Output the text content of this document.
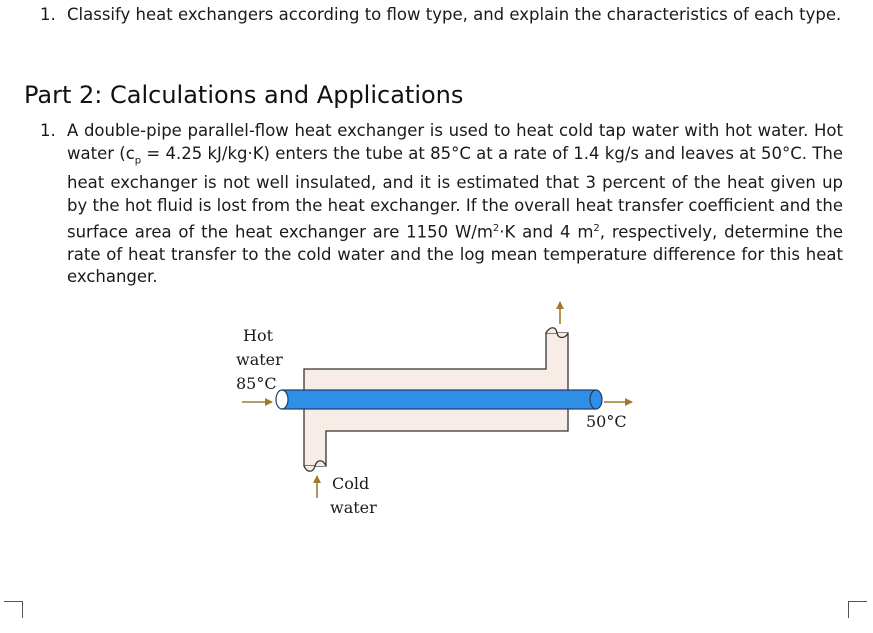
1. Classify heat exchangers according to flow type, and explain the characteristics of each type.
Part 2: Calculations and Applications
1. A double-pipe parallel-flow heat exchanger is used to heat cold tap water with hot water. Hot water ($c_p = 4.25$ kJ/kg·K) enters the tube at 85°C at a rate of 1.4 kg/s and leaves at 50°C. The heat exchanger is not well insulated, and it is estimated that 3 percent of the heat given up by the hot fluid is lost from the heat exchanger. If the overall heat transfer coefficient and the surface area of the heat exchanger are 1150 $W/m^2\cdot K$ and 4 $m^2$, respectively, determine the rate of heat transfer to the cold water and the log mean temperature difference for this heat exchanger.
Hot
water
85°C
50°C
Cold
water
